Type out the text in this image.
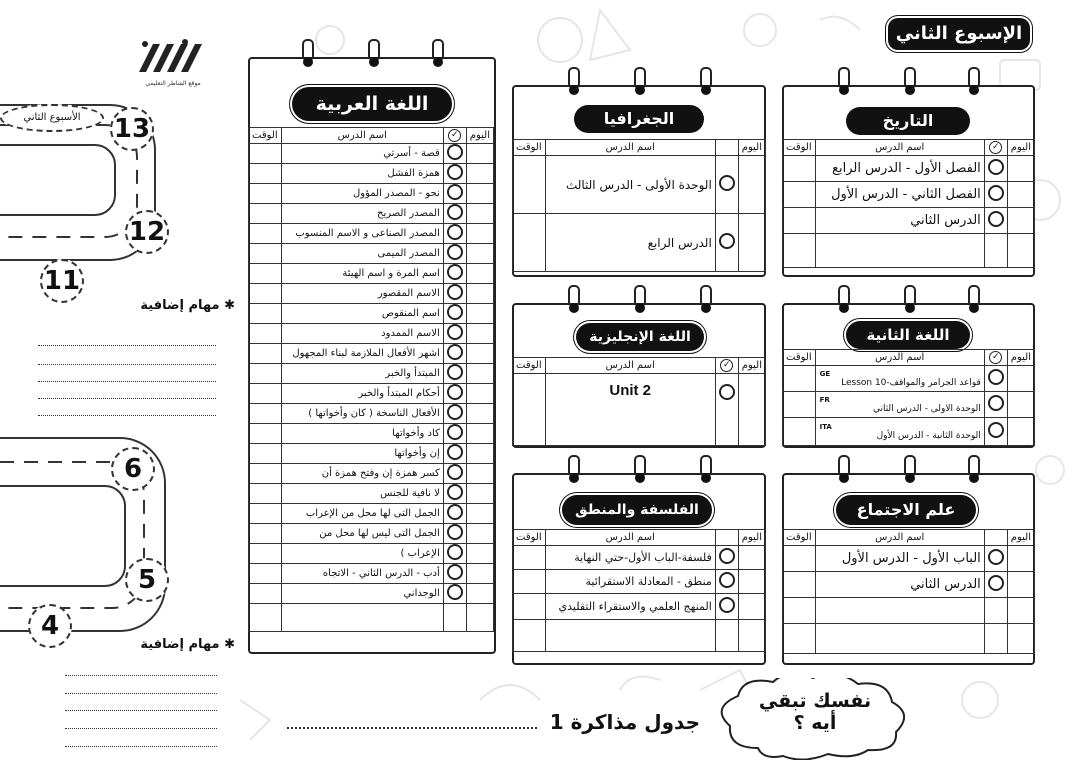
موقع الشاطر التعليمي
الإسبوع الثاني
الأسبوع الثاني	13
12
11
✱ مهام إضافية
6
5
4
✱ مهام إضافية
اللغة العربية
الوقت	اسم الدرس	✓	اليوم
	قصة - أسرتي		
	همزة الفشل		
	نحو - المصدر المؤول		
	المصدر الصريح		
	المصدر الصناعى و الاسم المنسوب		
	المصدر الميمى		
	اسم المرة و اسم الهيئة		
	الاسم المقصور		
	اسم المنقوص		
	الاسم الممدود		
	اشهر الأفعال الملازمة لبناء المجهول		
	المبتدأ والخبر		
	أحكام المبتدأ والخبر		
	الأفعال الناسخة ( كان وأخواتها )		
	كاد وأخواتها		
	إن وأخواتها		
	كسر همزة إن وفتح همزة أن		
	لا نافية للجنس		
	الجمل التى لها محل من الإعراب		
	الجمل التى ليس لها محل من		
	الإعراب )		
	أدب - الدرس الثاني - الاتجاه		
	الوجداني		

الجغرافيا
الوقت	اسم الدرس		اليوم
	الوحدة الأولى - الدرس الثالث		
	الدرس الرابع		
التاريخ
الوقت	اسم الدرس	✓	اليوم
	الفصل الأول - الدرس الرابع		
	الفصل الثاني - الدرس الأول		
	الدرس الثاني		

اللغة الإنجليزية
الوقت	اسم الدرس	✓	اليوم
	Unit 2		
اللغة الثانية
الوقت	اسم الدرس	✓	اليوم

	GE
قواعد الجرامر والمواقف-Lesson 10		

	FR
الوحدة الاولى - الدرس الثاني		

	ITA
الوحدة الثانية - الدرس الأول		

الفلسفة والمنطق
الوقت	اسم الدرس		اليوم
	فلسفة-الباب الأول-حتي النهاية		
	منطق - المعادلة الاستقرائية		
	المنهج العلمي والاستقراء التقليدي		

علم الاجتماع
الوقت	اسم الدرس		اليوم
	الباب الأول - الدرس الأول		
	الدرس الثاني		

جدول مذاكرة 1
نفسك تبقي
أيه ؟
